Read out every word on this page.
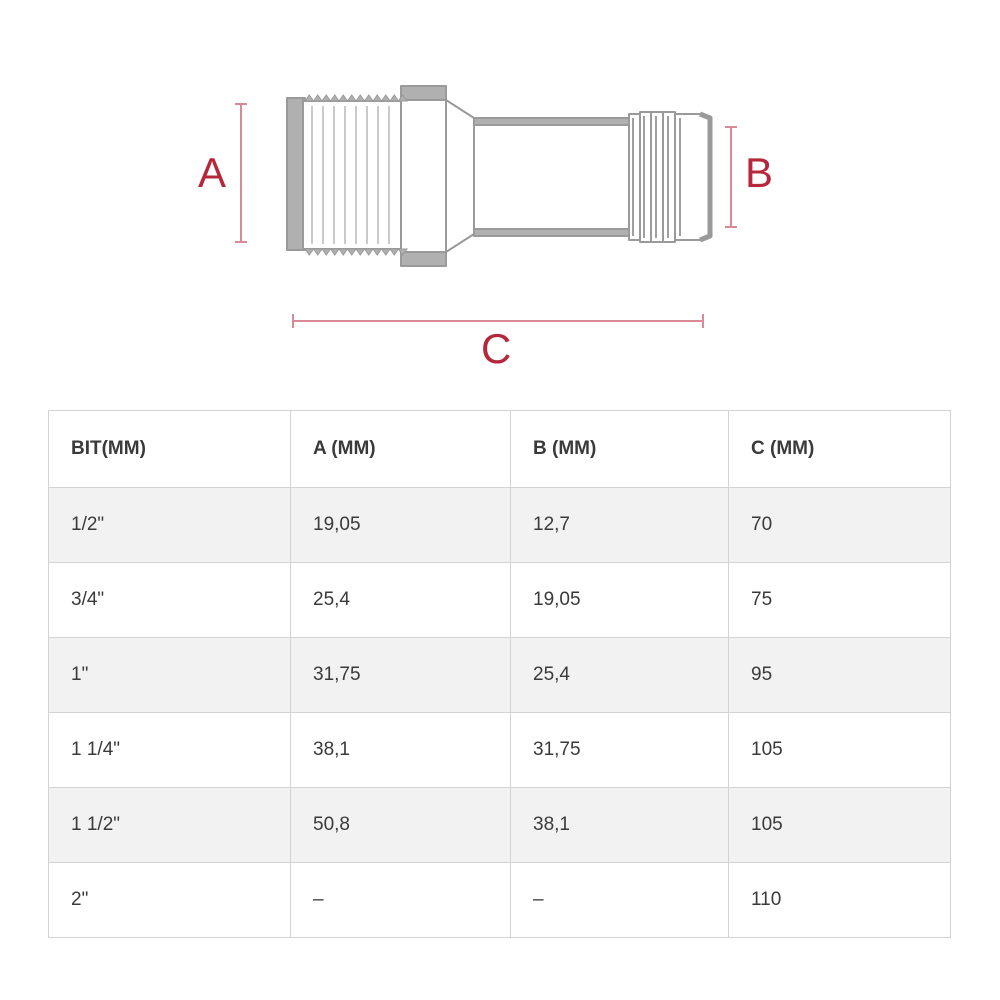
A	B
C
BIT(MM)	A (MM)	B (MM)	C (MM)
1/2"	19,05	12,7	70
3/4"	25,4	19,05	75
1"	31,75	25,4	95
1 1/4"	38,1	31,75	105
1 1/2"	50,8	38,1	105
2"	–	–	110
